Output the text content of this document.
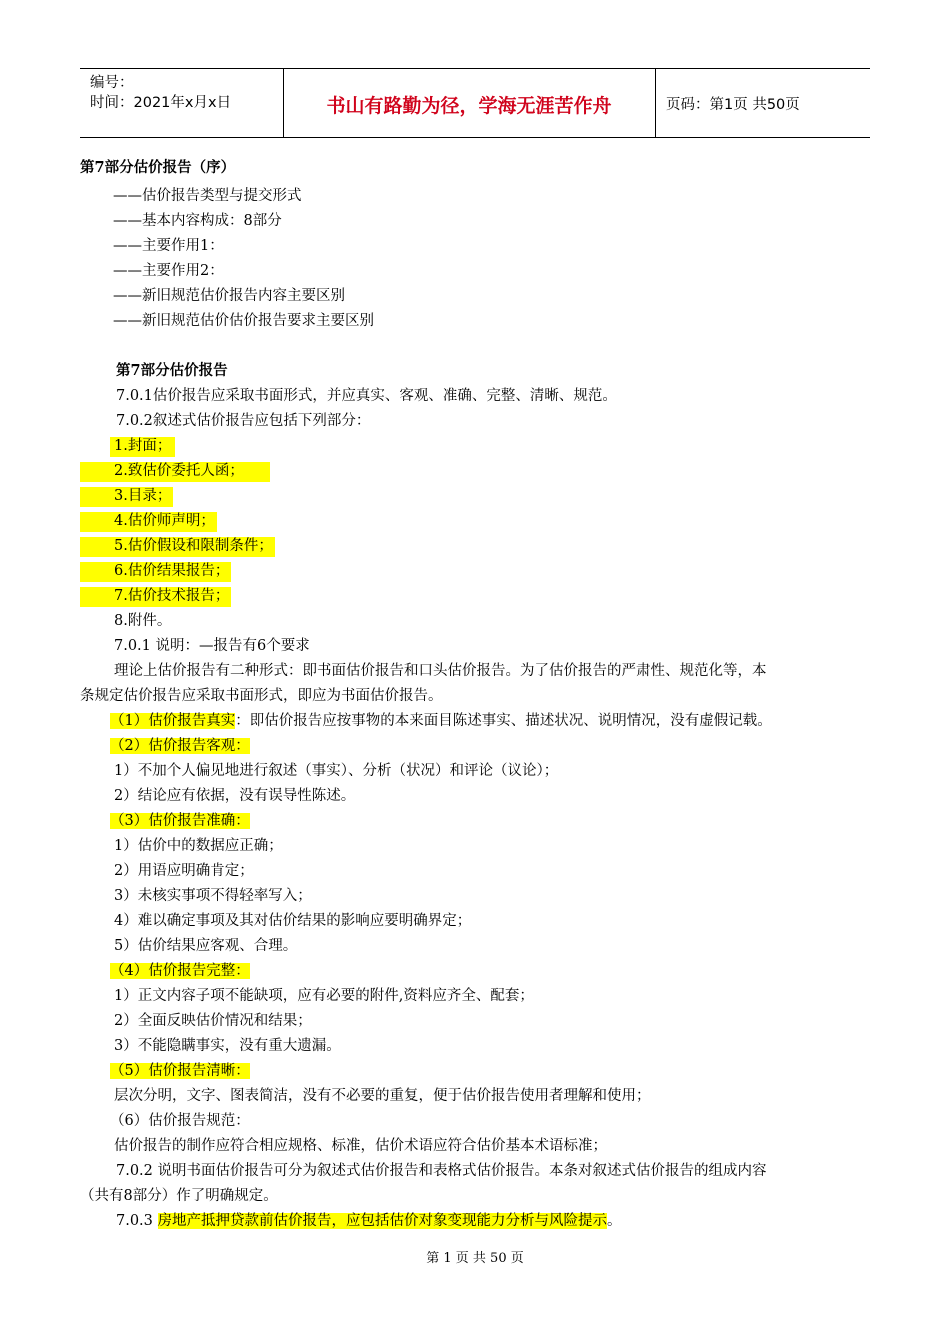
编号：
时间：2021年x月x日	书山有路勤为径，学海无涯苦作舟	页码：第1页 共50页
第7部分估价报告（序）
——估价报告类型与提交形式
——基本内容构成：8部分
——主要作用1：
——主要作用2：
——新旧规范估价报告内容主要区别
——新旧规范估价估价报告要求主要区别
第7部分估价报告
7.0.1估价报告应采取书面形式，并应真实、客观、准确、完整、清晰、规范。
7.0.2叙述式估价报告应包括下列部分：
1.封面；
2.致估价委托人函；
3.目录；
4.估价师声明；
5.估价假设和限制条件；
6.估价结果报告；
7.估价技术报告；
8.附件。
7.0.1 说明：—报告有6个要求
理论上估价报告有二种形式：即书面估价报告和口头估价报告。为了估价报告的严肃性、规范化等，本
条规定估价报告应采取书面形式，即应为书面估价报告。
（1）估价报告真实：即估价报告应按事物的本来面目陈述事实、描述状况、说明情况，没有虚假记载。
（2）估价报告客观：
1）不加个人偏见地进行叙述（事实）、分析（状况）和评论（议论）；
2）结论应有依据，没有误导性陈述。
（3）估价报告准确：
1）估价中的数据应正确；
2）用语应明确肯定；
3）未核实事项不得轻率写入；
4）难以确定事项及其对估价结果的影响应要明确界定；
5）估价结果应客观、合理。
（4）估价报告完整：
1）正文内容子项不能缺项，应有必要的附件,资料应齐全、配套；
2）全面反映估价情况和结果；
3）不能隐瞒事实，没有重大遗漏。
（5）估价报告清晰：
层次分明，文字、图表简洁，没有不必要的重复，便于估价报告使用者理解和使用；
（6）估价报告规范：
估价报告的制作应符合相应规格、标准，估价术语应符合估价基本术语标准；
7.0.2 说明书面估价报告可分为叙述式估价报告和表格式估价报告。本条对叙述式估价报告的组成内容
（共有8部分）作了明确规定。
7.0.3 房地产抵押贷款前估价报告，应包括估价对象变现能力分析与风险提示。
第 1 页 共 50 页
